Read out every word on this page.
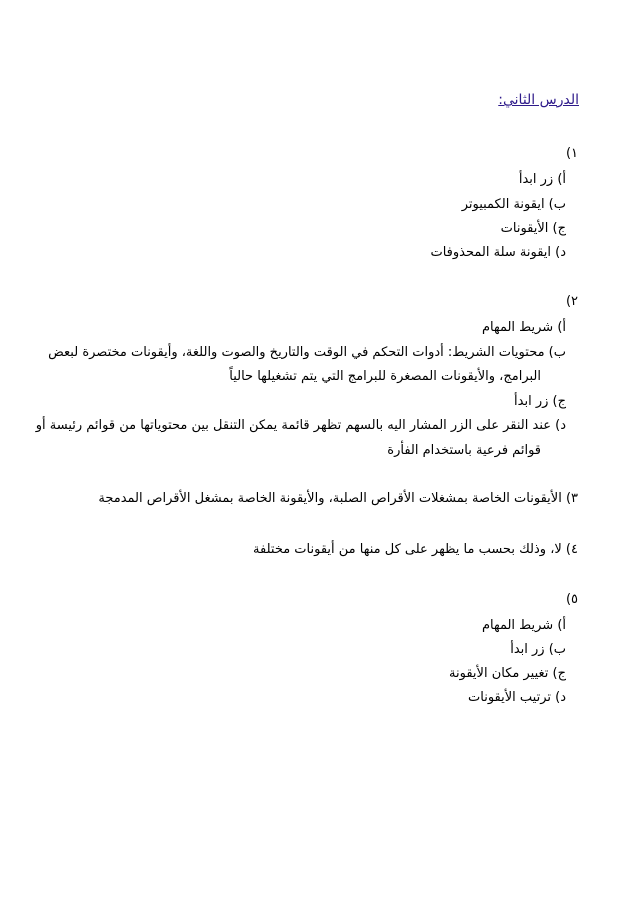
الدرس الثاني:
١)
أ) زر ابدأ
ب) ايقونة الكمبيوتر
ج) الأيقونات
د) ايقونة سلة المحذوفات
٢)
أ) شريط المهام
ب) محتويات الشريط: أدوات التحكم في الوقت والتاريخ والصوت واللغة، وأيقونات مختصرة لبعض
البرامج، والأيقونات المصغرة للبرامج التي يتم تشغيلها حالياً
ج) زر ابدأ
د) عند النقر على الزر المشار اليه بالسهم تظهر قائمة يمكن التنقل بين محتوياتها من قوائم رئيسة أو
قوائم فرعية باستخدام الفأرة
٣) الأيقونات الخاصة بمشغلات الأقراص الصلبة، والأيقونة الخاصة بمشغل الأقراص المدمجة
٤) لا، وذلك بحسب ما يظهر على كل منها من أيقونات مختلفة
٥)
أ) شريط المهام
ب) زر ابدأ
ج) تغيير مكان الأيقونة
د) ترتيب الأيقونات
